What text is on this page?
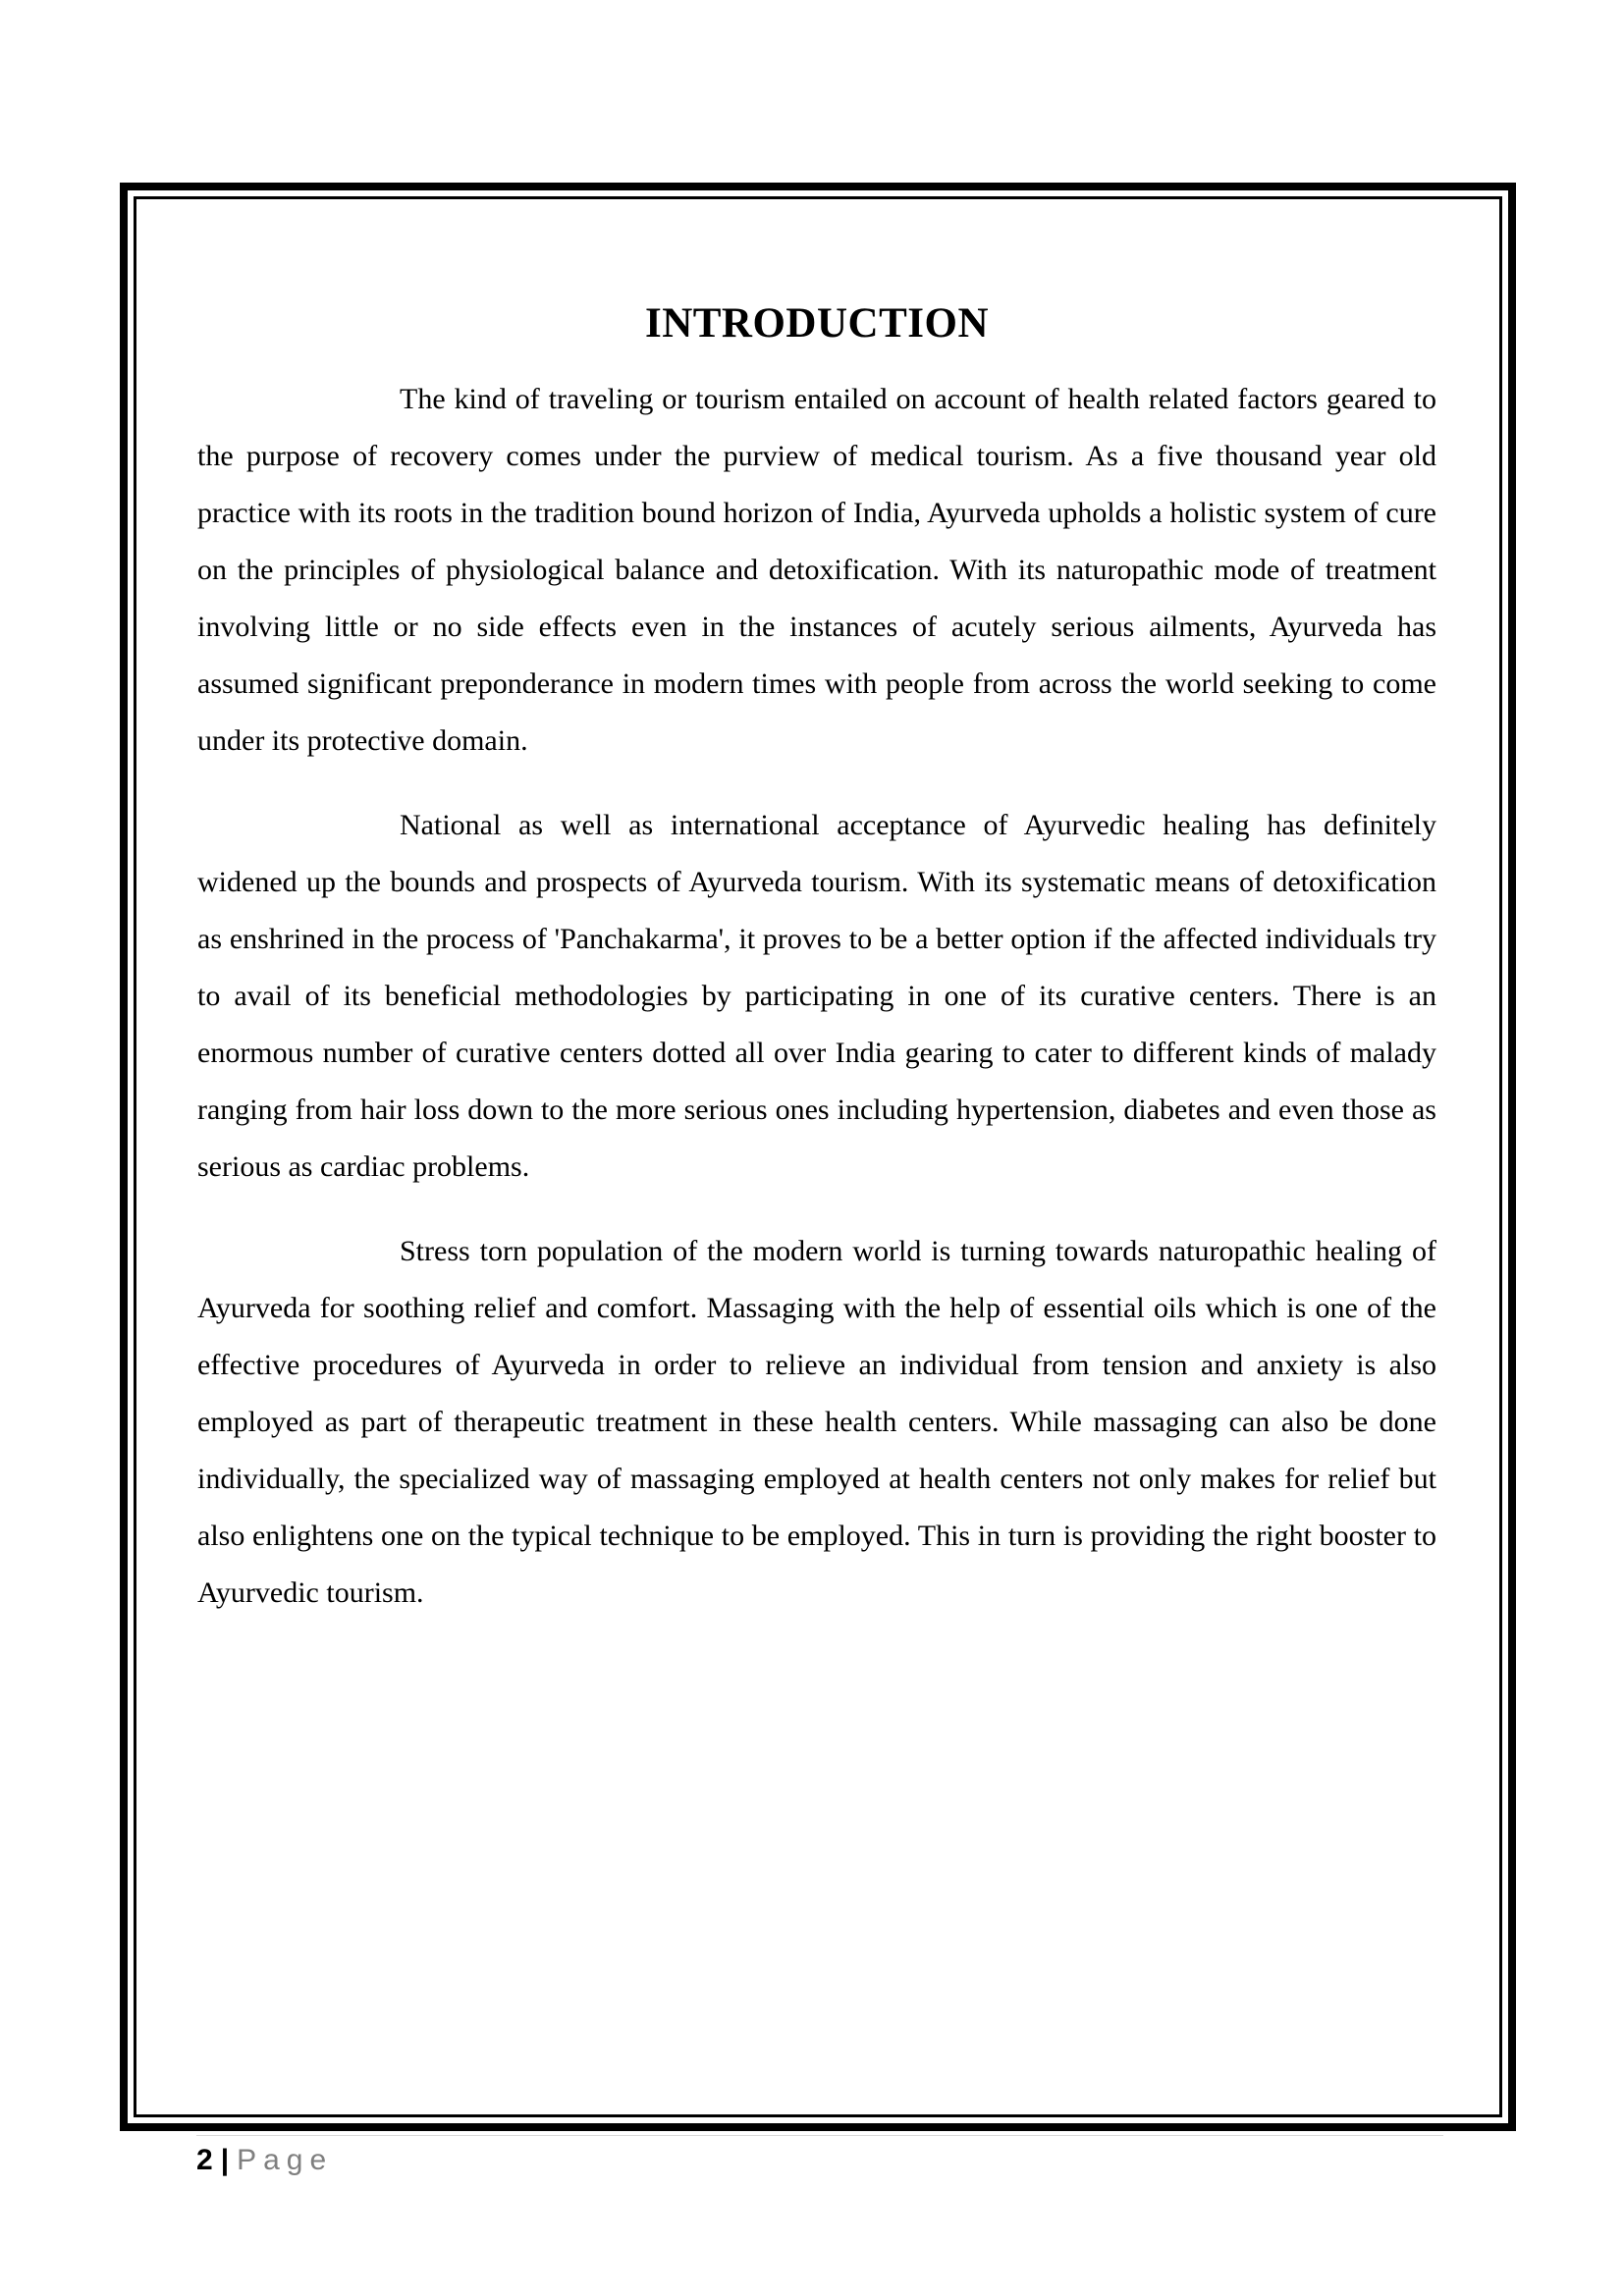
INTRODUCTION

The kind of traveling or tourism entailed on account of health related factors geared to the purpose of recovery comes under the purview of medical tourism. As a five thousand year old practice with its roots in the tradition bound horizon of India, Ayurveda upholds a holistic system of cure on the principles of physiological balance and detoxification. With its naturopathic mode of treatment involving little or no side effects even in the instances of acutely serious ailments, Ayurveda has assumed significant preponderance in modern times with people from across the world seeking to come under its protective domain.

National as well as international acceptance of Ayurvedic healing has definitely widened up the bounds and prospects of Ayurveda tourism. With its systematic means of detoxification as enshrined in the process of 'Panchakarma', it proves to be a better option if the affected individuals try to avail of its beneficial methodologies by participating in one of its curative centers. There is an enormous number of curative centers dotted all over India gearing to cater to different kinds of malady ranging from hair loss down to the more serious ones including hypertension, diabetes and even those as serious as cardiac problems.

Stress torn population of the modern world is turning towards naturopathic healing of Ayurveda for soothing relief and comfort. Massaging with the help of essential oils which is one of the effective procedures of Ayurveda in order to relieve an individual from tension and anxiety is also employed as part of therapeutic treatment in these health centers. While massaging can also be done individually, the specialized way of massaging employed at health centers not only makes for relief but also enlightens one on the typical technique to be employed. This in turn is providing the right booster to Ayurvedic tourism.

2 | Page
